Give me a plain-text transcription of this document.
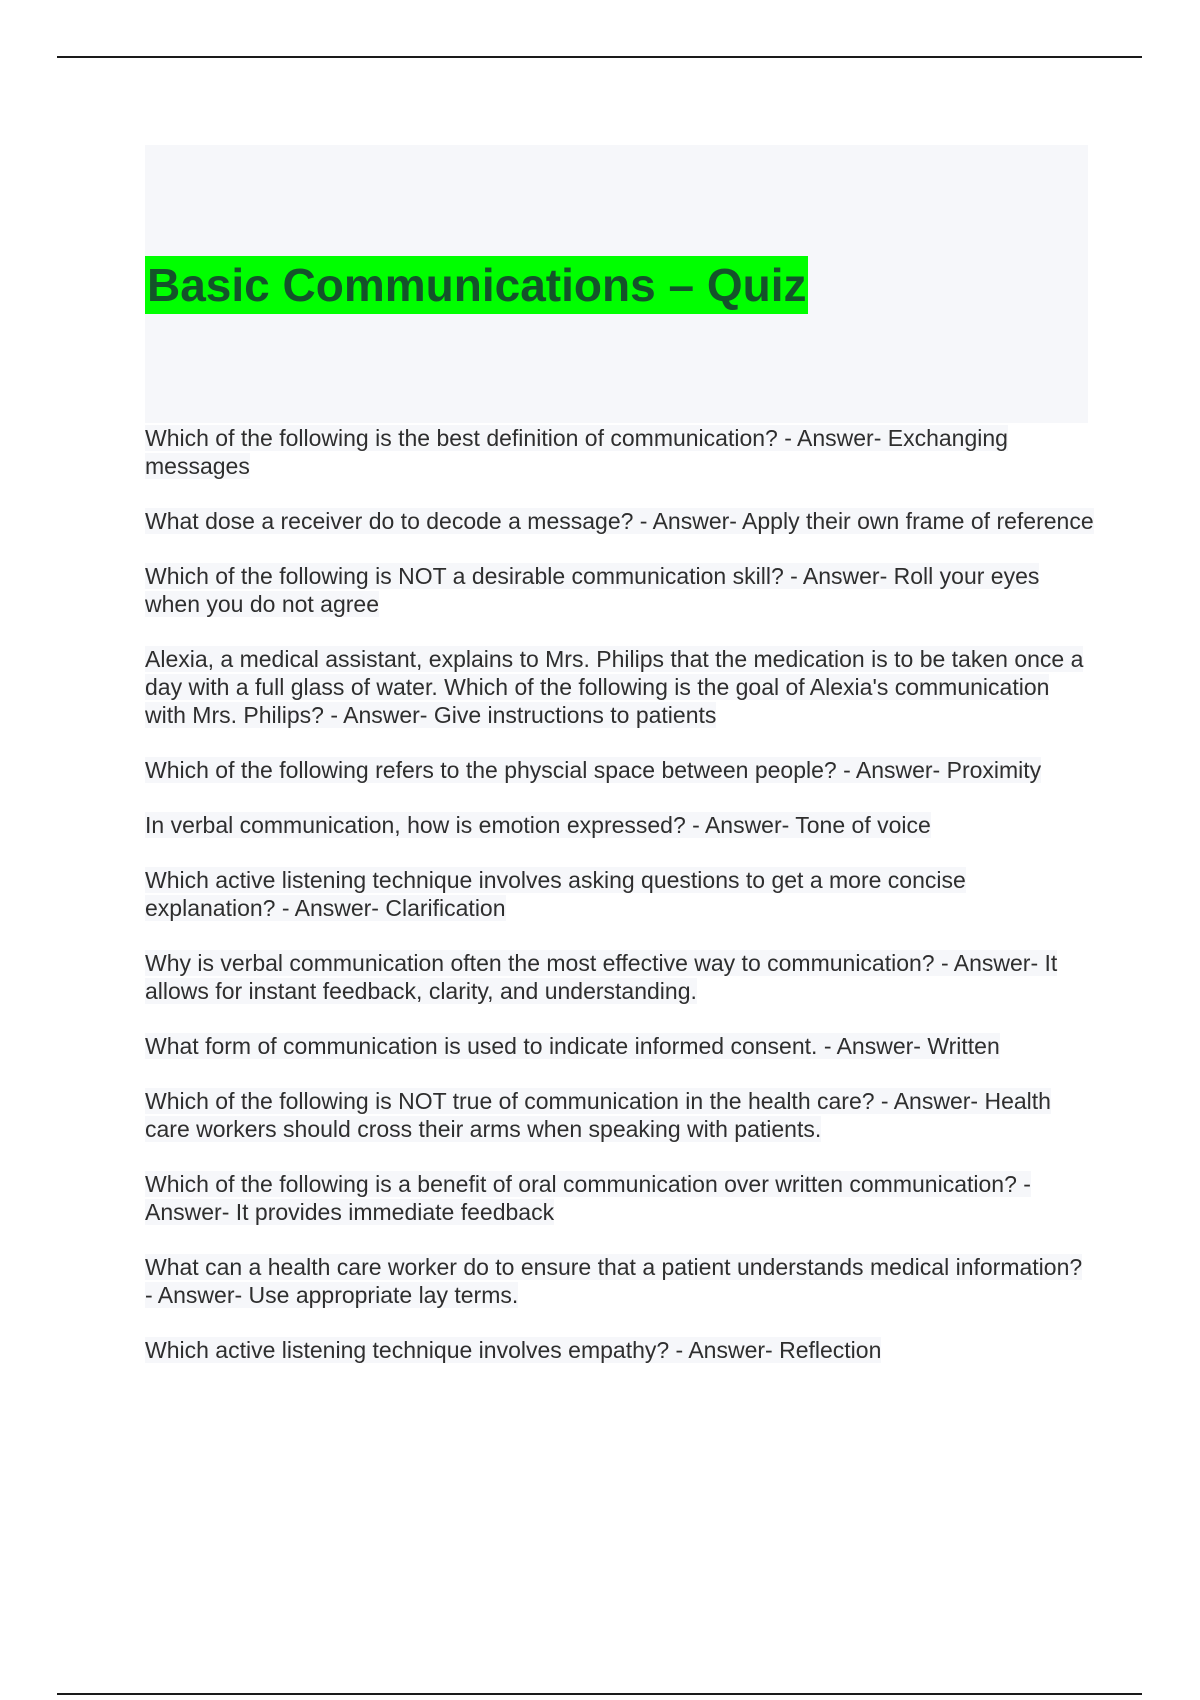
Basic Communications – Quiz
Which of the following is the best definition of communication? - Answer- Exchanging messages
What dose a receiver do to decode a message? - Answer- Apply their own frame of reference
Which of the following is NOT a desirable communication skill? - Answer- Roll your eyes when you do not agree
Alexia, a medical assistant, explains to Mrs. Philips that the medication is to be taken once a day with a full glass of water. Which of the following is the goal of Alexia's communication with Mrs. Philips? - Answer- Give instructions to patients
Which of the following refers to the physcial space between people? - Answer- Proximity
In verbal communication, how is emotion expressed? - Answer- Tone of voice
Which active listening technique involves asking questions to get a more concise explanation? - Answer- Clarification
Why is verbal communication often the most effective way to communication? - Answer- It allows for instant feedback, clarity, and understanding.
What form of communication is used to indicate informed consent. - Answer- Written
Which of the following is NOT true of communication in the health care? - Answer- Health care workers should cross their arms when speaking with patients.
Which of the following is a benefit of oral communication over written communication? - Answer- It provides immediate feedback
What can a health care worker do to ensure that a patient understands medical information? - Answer- Use appropriate lay terms.
Which active listening technique involves empathy? - Answer- Reflection
